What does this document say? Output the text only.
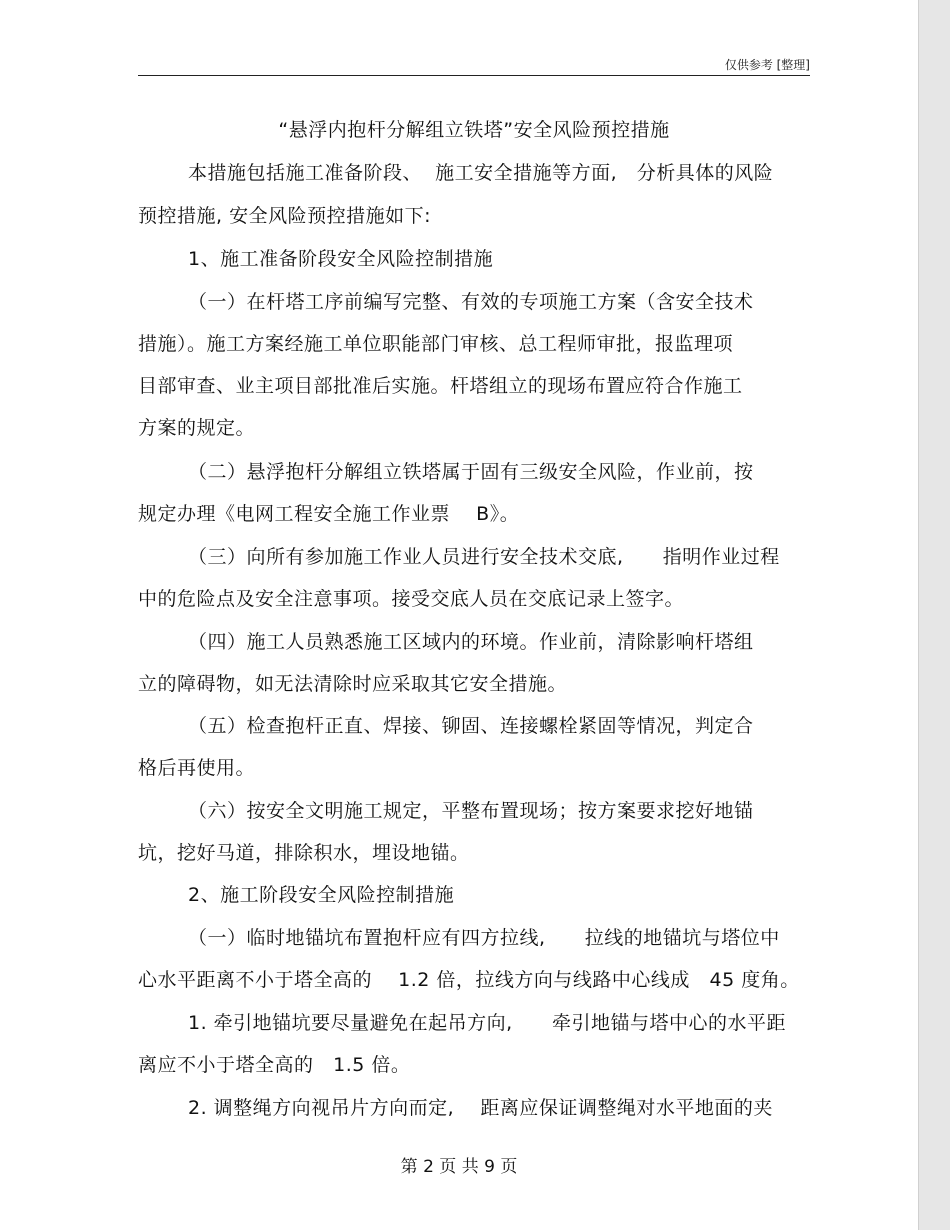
仅供参考 [整理]
“悬浮内抱杆分解组立铁塔”安全风险预控措施
本措施包括施工准备阶段、  施工安全措施等方面,   分析具体的风险
预控措施, 安全风险预控措施如下:
1、施工准备阶段安全风险控制措施
（一）在杆塔工序前编写完整、有效的专项施工方案（含安全技术
措施）。施工方案经施工单位职能部门审核、总工程师审批，报监理项
目部审查、业主项目部批准后实施。杆塔组立的现场布置应符合作施工
方案的规定。
（二）悬浮抱杆分解组立铁塔属于固有三级安全风险，作业前，按
规定办理《电网工程安全施工作业票    B》。
（三）向所有参加施工作业人员进行安全技术交底,      指明作业过程
中的危险点及安全注意事项。接受交底人员在交底记录上签字。
（四）施工人员熟悉施工区域内的环境。作业前，清除影响杆塔组
立的障碍物，如无法清除时应采取其它安全措施。
（五）检查抱杆正直、焊接、铆固、连接螺栓紧固等情况，判定合
格后再使用。
（六）按安全文明施工规定，平整布置现场；按方案要求挖好地锚
坑，挖好马道，排除积水，埋设地锚。
2、施工阶段安全风险控制措施
（一）临时地锚坑布置抱杆应有四方拉线,      拉线的地锚坑与塔位中
心水平距离不小于塔全高的    1.2 倍，拉线方向与线路中心线成   45 度角。
1. 牵引地锚坑要尽量避免在起吊方向,      牵引地锚与塔中心的水平距
离应不小于塔全高的   1.5 倍。
2. 调整绳方向视吊片方向而定,    距离应保证调整绳对水平地面的夹
第 2 页 共 9 页
